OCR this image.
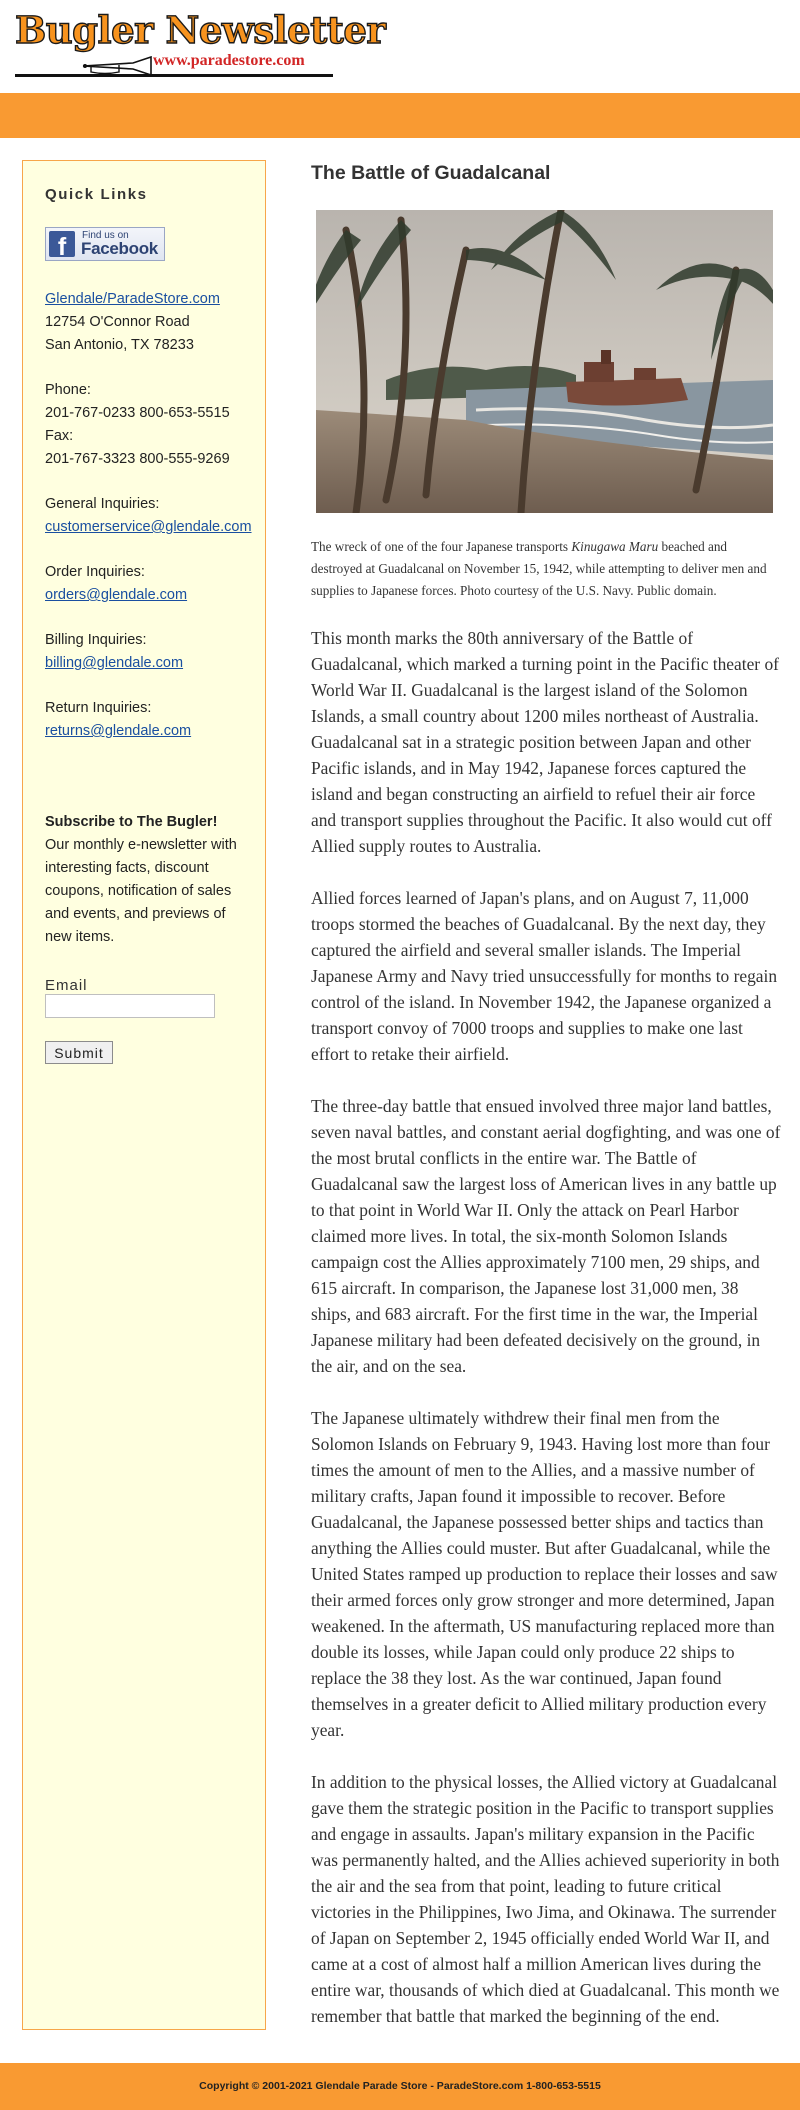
Bugler Newsletter
www.paradestore.com
Quick Links
f	Find us on
Facebook
Glendale/ParadeStore.com
12754 O'Connor Road
San Antonio, TX 78233
Phone:
201-767-0233 800-653-5515
Fax:
201-767-3323 800-555-9269
General Inquiries:
customerservice@glendale.com
Order Inquiries:
orders@glendale.com
Billing Inquiries:
billing@glendale.com
Return Inquiries:
returns@glendale.com
Subscribe to The Bugler!
Our monthly e-newsletter with
interesting facts, discount
coupons, notification of sales
and events, and previews of
new items.
Email
Submit
The Battle of Guadalcanal
The wreck of one of the four Japanese transports Kinugawa Maru beached and destroyed at Guadalcanal on November 15, 1942, while attempting to deliver men and supplies to Japanese forces. Photo courtesy of the U.S. Navy. Public domain.
This month marks the 80th anniversary of the Battle of Guadalcanal, which marked a turning point in the Pacific theater of World War II. Guadalcanal is the largest island of the Solomon Islands, a small country about 1200 miles northeast of Australia. Guadalcanal sat in a strategic position between Japan and other Pacific islands, and in May 1942, Japanese forces captured the island and began constructing an airfield to refuel their air force and transport supplies throughout the Pacific. It also would cut off Allied supply routes to Australia.
Allied forces learned of Japan's plans, and on August 7, 11,000 troops stormed the beaches of Guadalcanal. By the next day, they captured the airfield and several smaller islands. The Imperial Japanese Army and Navy tried unsuccessfully for months to regain control of the island. In November 1942, the Japanese organized a transport convoy of 7000 troops and supplies to make one last effort to retake their airfield.
The three-day battle that ensued involved three major land battles, seven naval battles, and constant aerial dogfighting, and was one of the most brutal conflicts in the entire war. The Battle of Guadalcanal saw the largest loss of American lives in any battle up to that point in World War II. Only the attack on Pearl Harbor claimed more lives. In total, the six-month Solomon Islands campaign cost the Allies approximately 7100 men, 29 ships, and 615 aircraft. In comparison, the Japanese lost 31,000 men, 38 ships, and 683 aircraft. For the first time in the war, the Imperial Japanese military had been defeated decisively on the ground, in the air, and on the sea.
The Japanese ultimately withdrew their final men from the Solomon Islands on February 9, 1943. Having lost more than four times the amount of men to the Allies, and a massive number of military crafts, Japan found it impossible to recover. Before Guadalcanal, the Japanese possessed better ships and tactics than anything the Allies could muster. But after Guadalcanal, while the United States ramped up production to replace their losses and saw their armed forces only grow stronger and more determined, Japan weakened. In the aftermath, US manufacturing replaced more than double its losses, while Japan could only produce 22 ships to replace the 38 they lost. As the war continued, Japan found themselves in a greater deficit to Allied military production every year.
In addition to the physical losses, the Allied victory at Guadalcanal gave them the strategic position in the Pacific to transport supplies and engage in assaults. Japan's military expansion in the Pacific was permanently halted, and the Allies achieved superiority in both the air and the sea from that point, leading to future critical victories in the Philippines, Iwo Jima, and Okinawa. The surrender of Japan on September 2, 1945 officially ended World War II, and came at a cost of almost half a million American lives during the entire war, thousands of which died at Guadalcanal. This month we remember that battle that marked the beginning of the end.
Copyright © 2001-2021 Glendale Parade Store - ParadeStore.com 1-800-653-5515
